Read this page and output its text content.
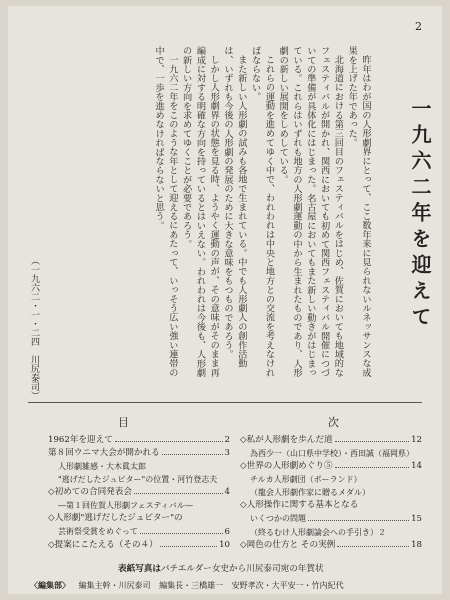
2
一九六二年を迎えて

昨年はわが国の人形劇界にとって、ここ数年来に見られないルネッサンスな成果を上げた年であった。

北海道における第三回目のフェスティバルをはじめ、佐賀においても地域的なフェスティバルが開かれ、関西においても初めて関西フェスティバル開催につづいての準備が具体化にはじまった。名古屋においてもまた新しい動きがはじまっている。これらはいずれも地方の人形劇運動の中から生まれたものであり、人形劇の新しい展開をしめしている。

これらの運動を進めてゆく中で、われわれは中央と地方との交流を考えなければならない。

また新しい人形劇の試みも各地で生まれている。中でも人形劇人の創作活動は、いずれも今後の人形劇の発展のために大きな意味をもつものであろう。

しかし人形劇界の状態を見る時、ようやく運動の声が、その意味がそのまま再編成に対する明確な方向を持っているとはいえない。われわれは今後も、人形劇の新しい方向を求めてゆくことが必要であろう。

一九六二年をこのような年として迎えるにあたって、いっそう広い強い連帯の中で、一歩を進めなければならないと思う。

（一九六二・一・二四　川尻泰司）
目	次
1962年を迎えて	2
第８回ウニマ大会が開かれる	3
人形劇雑感・大木眞太郎
"逃げだしたジュピター"の位置・河竹登志夫
◇初めての合同発表会	4
―第１回佐賀人形劇フェスティバル―
◇人形劇"逃げだしたジュピター"の
芸術祭受賞をめぐって	6
◇提案にこたえる（その４）	10
◇私が人形劇を歩んだ道	12
為西少一（山口県中学校）・西田誠（福岡県）
◇世界の人形劇めぐり⑤	14
チルカ人形劇団（ポーランド）
（龍会人形劇作家に贈るメダル）
◇人形操作に関する基本となる
いくつかの問題	15
（終るむけ人形劇論会への手引き）２
◇岡色の仕方と その実例	18
表紙写真はパチエルダー女史から川尻泰司宛の年賀状
〈編集部〉 編集主幹・川尻泰司 編集長・三橋雄一 安野孝次・大平安一・竹内紀代
